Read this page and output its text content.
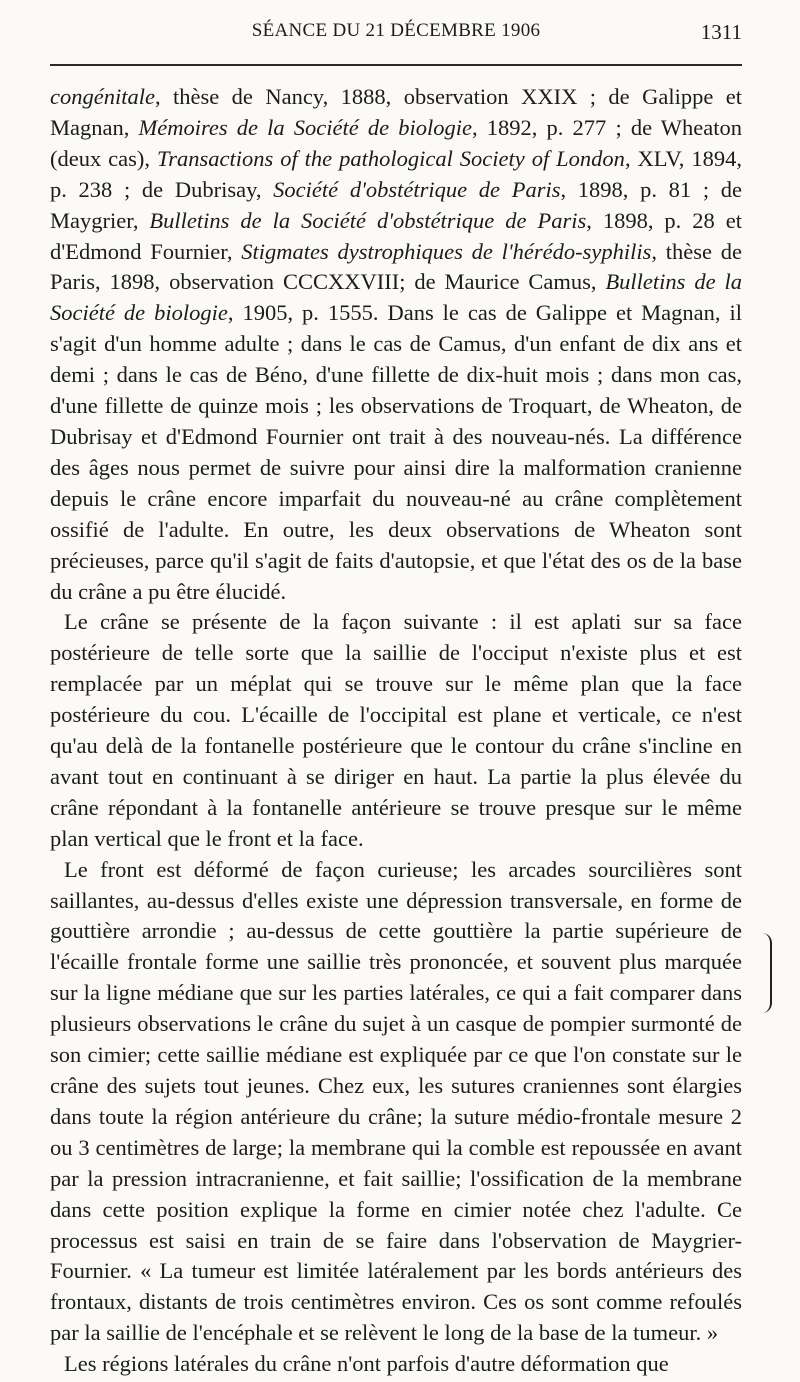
SÉANCE DU 21 DÉCEMBRE 1906	1311

congénitale, thèse de Nancy, 1888, observation XXIX ; de Galippe et Magnan, Mémoires de la Société de biologie, 1892, p. 277 ; de Wheaton (deux cas), Transactions of the pathological Society of London, XLV, 1894, p. 238 ; de Dubrisay, Société d'obstétrique de Paris, 1898, p. 81 ; de Maygrier, Bulletins de la Société d'obstétrique de Paris, 1898, p. 28 et d'Edmond Fournier, Stigmates dystrophiques de l'hérédo-syphilis, thèse de Paris, 1898, observation CCCXXVIII; de Maurice Camus, Bulletins de la Société de biologie, 1905, p. 1555. Dans le cas de Galippe et Magnan, il s'agit d'un homme adulte ; dans le cas de Camus, d'un enfant de dix ans et demi ; dans le cas de Béno, d'une fillette de dix-huit mois ; dans mon cas, d'une fillette de quinze mois ; les observations de Troquart, de Wheaton, de Dubrisay et d'Edmond Fournier ont trait à des nouveau-nés. La différence des âges nous permet de suivre pour ainsi dire la malformation cranienne depuis le crâne encore imparfait du nouveau-né au crâne complètement ossifié de l'adulte. En outre, les deux observations de Wheaton sont précieuses, parce qu'il s'agit de faits d'autopsie, et que l'état des os de la base du crâne a pu être élucidé.

Le crâne se présente de la façon suivante : il est aplati sur sa face postérieure de telle sorte que la saillie de l'occiput n'existe plus et est remplacée par un méplat qui se trouve sur le même plan que la face postérieure du cou. L'écaille de l'occipital est plane et verticale, ce n'est qu'au delà de la fontanelle postérieure que le contour du crâne s'incline en avant tout en continuant à se diriger en haut. La partie la plus élevée du crâne répondant à la fontanelle antérieure se trouve presque sur le même plan vertical que le front et la face.

Le front est déformé de façon curieuse; les arcades sourcilières sont saillantes, au-dessus d'elles existe une dépression transversale, en forme de gouttière arrondie ; au-dessus de cette gouttière la partie supérieure de l'écaille frontale forme une saillie très prononcée, et souvent plus marquée sur la ligne médiane que sur les parties latérales, ce qui a fait comparer dans plusieurs observations le crâne du sujet à un casque de pompier surmonté de son cimier; cette saillie médiane est expliquée par ce que l'on constate sur le crâne des sujets tout jeunes. Chez eux, les sutures craniennes sont élargies dans toute la région antérieure du crâne; la suture médio-frontale mesure 2 ou 3 centimètres de large; la membrane qui la comble est repoussée en avant par la pression intracranienne, et fait saillie; l'ossification de la membrane dans cette position explique la forme en cimier notée chez l'adulte. Ce processus est saisi en train de se faire dans l'observation de Maygrier-Fournier. « La tumeur est limitée latéralement par les bords antérieurs des frontaux, distants de trois centimètres environ. Ces os sont comme refoulés par la saillie de l'encéphale et se relèvent le long de la base de la tumeur. »

Les régions latérales du crâne n'ont parfois d'autre déformation que
